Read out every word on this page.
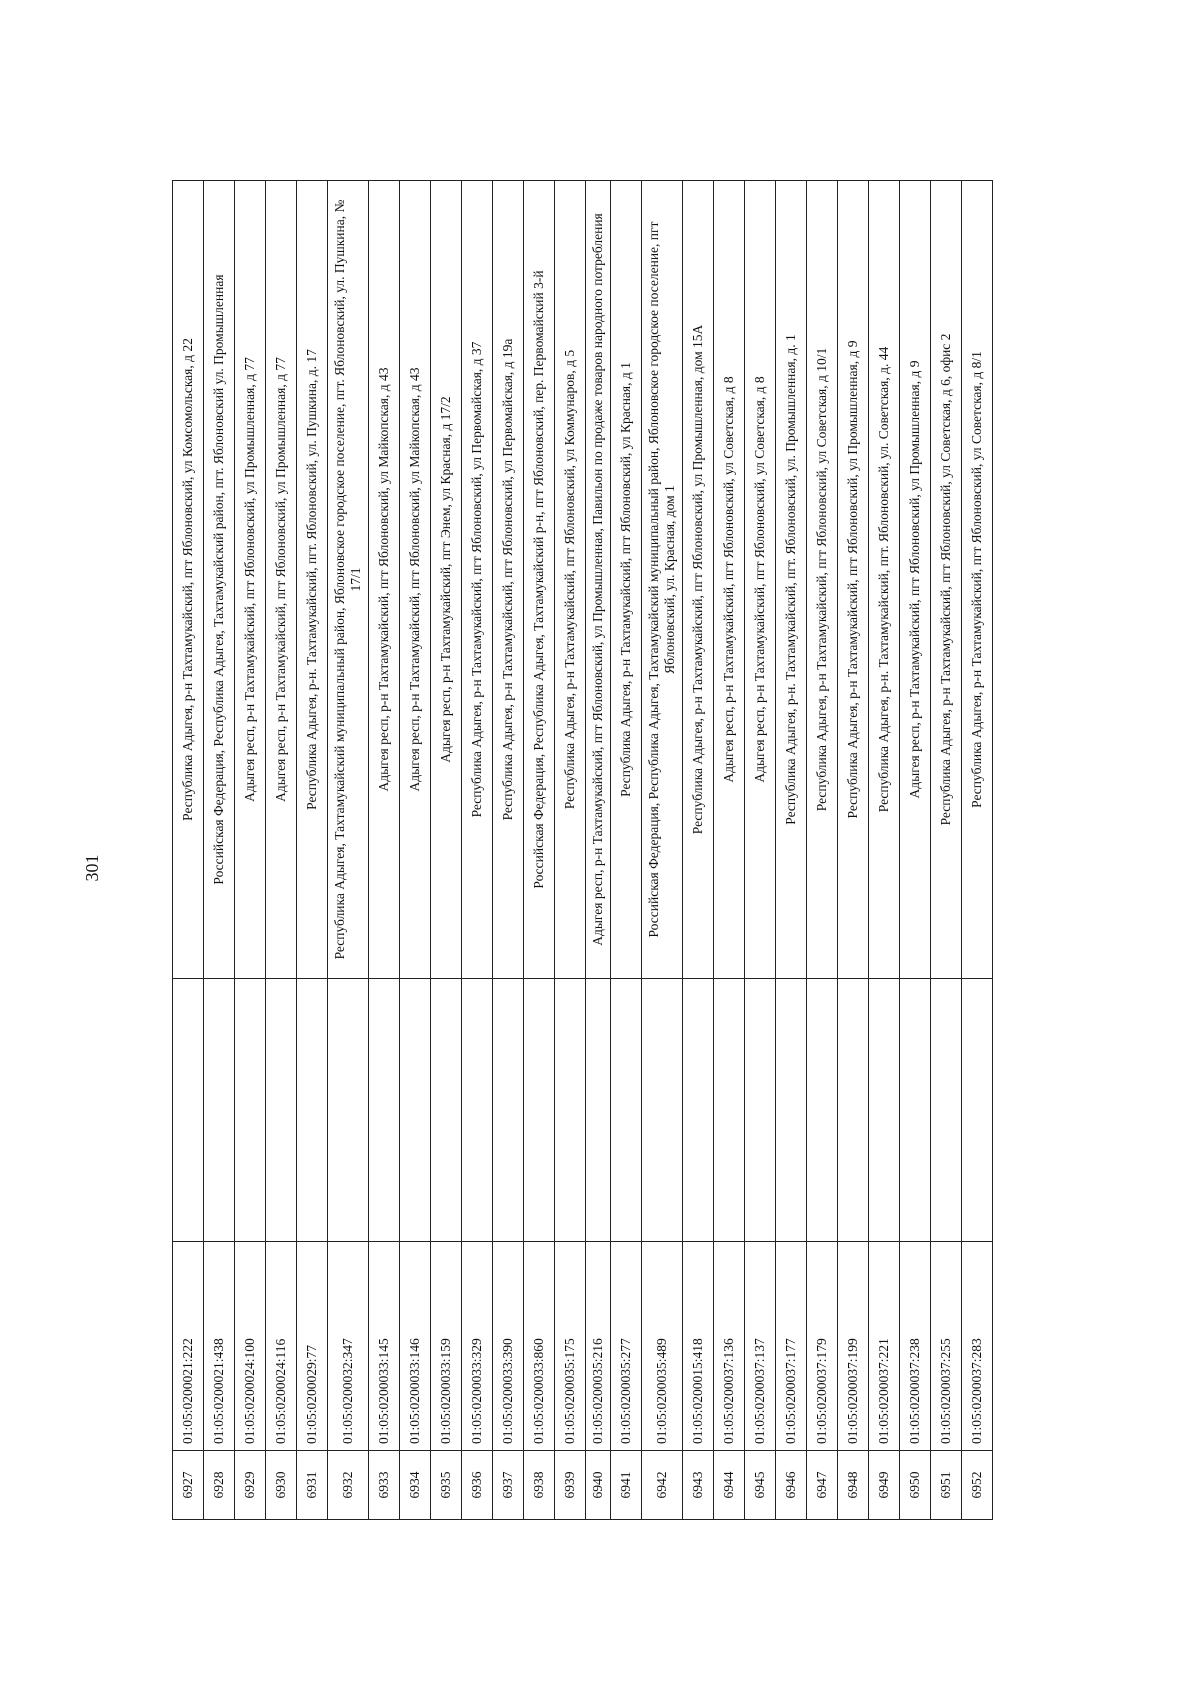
301
6927	01:05:0200021:222		Республика Адыгея, р-н Тахтамукайский, пгт Яблоновский, ул Комсомольская, д 22
6928	01:05:0200021:438		Российская Федерация, Республика Адыгея, Тахтамукайский район, пгт. Яблоновский ул. Промышленная
6929	01:05:0200024:100		Адыгея респ, р-н Тахтамукайский, пгт Яблоновский, ул Промышленная, д 77
6930	01:05:0200024:116		Адыгея респ, р-н Тахтамукайский, пгт Яблоновский, ул Промышленная, д 77
6931	01:05:0200029:77		Республика Адыгея, р-н. Тахтамукайский, пгт. Яблоновский, ул. Пушкина, д. 17
6932	01:05:0200032:347		Республика Адыгея, Тахтамукайский муниципальный район, Яблоновское городское поселение, пгт. Яблоновский, ул. Пушкина, № 17/1
6933	01:05:0200033:145		Адыгея респ, р-н Тахтамукайский, пгт Яблоновский, ул Майкопская, д 43
6934	01:05:0200033:146		Адыгея респ, р-н Тахтамукайский, пгт Яблоновский, ул Майкопская, д 43
6935	01:05:0200033:159		Адыгея респ, р-н Тахтамукайский, пгт Энем, ул Красная, д 17/2
6936	01:05:0200033:329		Республика Адыгея, р-н Тахтамукайский, пгт Яблоновский, ул Первомайская, д 37
6937	01:05:0200033:390		Республика Адыгея, р-н Тахтамукайский, пгт Яблоновский, ул Первомайская, д 19а
6938	01:05:0200033:860		Российская Федерация, Республика Адыгея, Тахтамукайский р-н, пгт Яблоновский, пер. Первомайский 3-й
6939	01:05:0200035:175		Республика Адыгея, р-н Тахтамукайский, пгт Яблоновский, ул Коммунаров, д 5
6940	01:05:0200035:216		Адыгея респ, р-н Тахтамукайский, пгт Яблоновский, ул Промышленная, Павильон по продаже товаров народного потребления
6941	01:05:0200035:277		Республика Адыгея, р-н Тахтамукайский, пгт Яблоновский, ул Красная, д 1
6942	01:05:0200035:489		Российская Федерация, Республика Адыгея, Тахтамукайский муниципальный район, Яблоновское городское поселение, пгт Яблоновский, ул. Красная, дом 1
6943	01:05:0200015:418		Республика Адыгея, р-н Тахтамукайский, пгт Яблоновский, ул Промышленная, дом 15А
6944	01:05:0200037:136		Адыгея респ, р-н Тахтамукайский, пгт Яблоновский, ул Советская, д 8
6945	01:05:0200037:137		Адыгея респ, р-н Тахтамукайский, пгт Яблоновский, ул Советская, д 8
6946	01:05:0200037:177		Республика Адыгея, р-н. Тахтамукайский, пгт. Яблоновский, ул. Промышленная, д. 1
6947	01:05:0200037:179		Республика Адыгея, р-н Тахтамукайский, пгт Яблоновский, ул Советская, д 10/1
6948	01:05:0200037:199		Республика Адыгея, р-н Тахтамукайский, пгт Яблоновский, ул Промышленная, д 9
6949	01:05:0200037:221		Республика Адыгея, р-н. Тахтамукайский, пгт. Яблоновский, ул. Советская, д. 44
6950	01:05:0200037:238		Адыгея респ, р-н Тахтамукайский, пгт Яблоновский, ул Промышленная, д 9
6951	01:05:0200037:255		Республика Адыгея, р-н Тахтамукайский, пгт Яблоновский, ул Советская, д 6, офис 2
6952	01:05:0200037:283		Республика Адыгея, р-н Тахтамукайский, пгт Яблоновский, ул Советская, д 8/1
